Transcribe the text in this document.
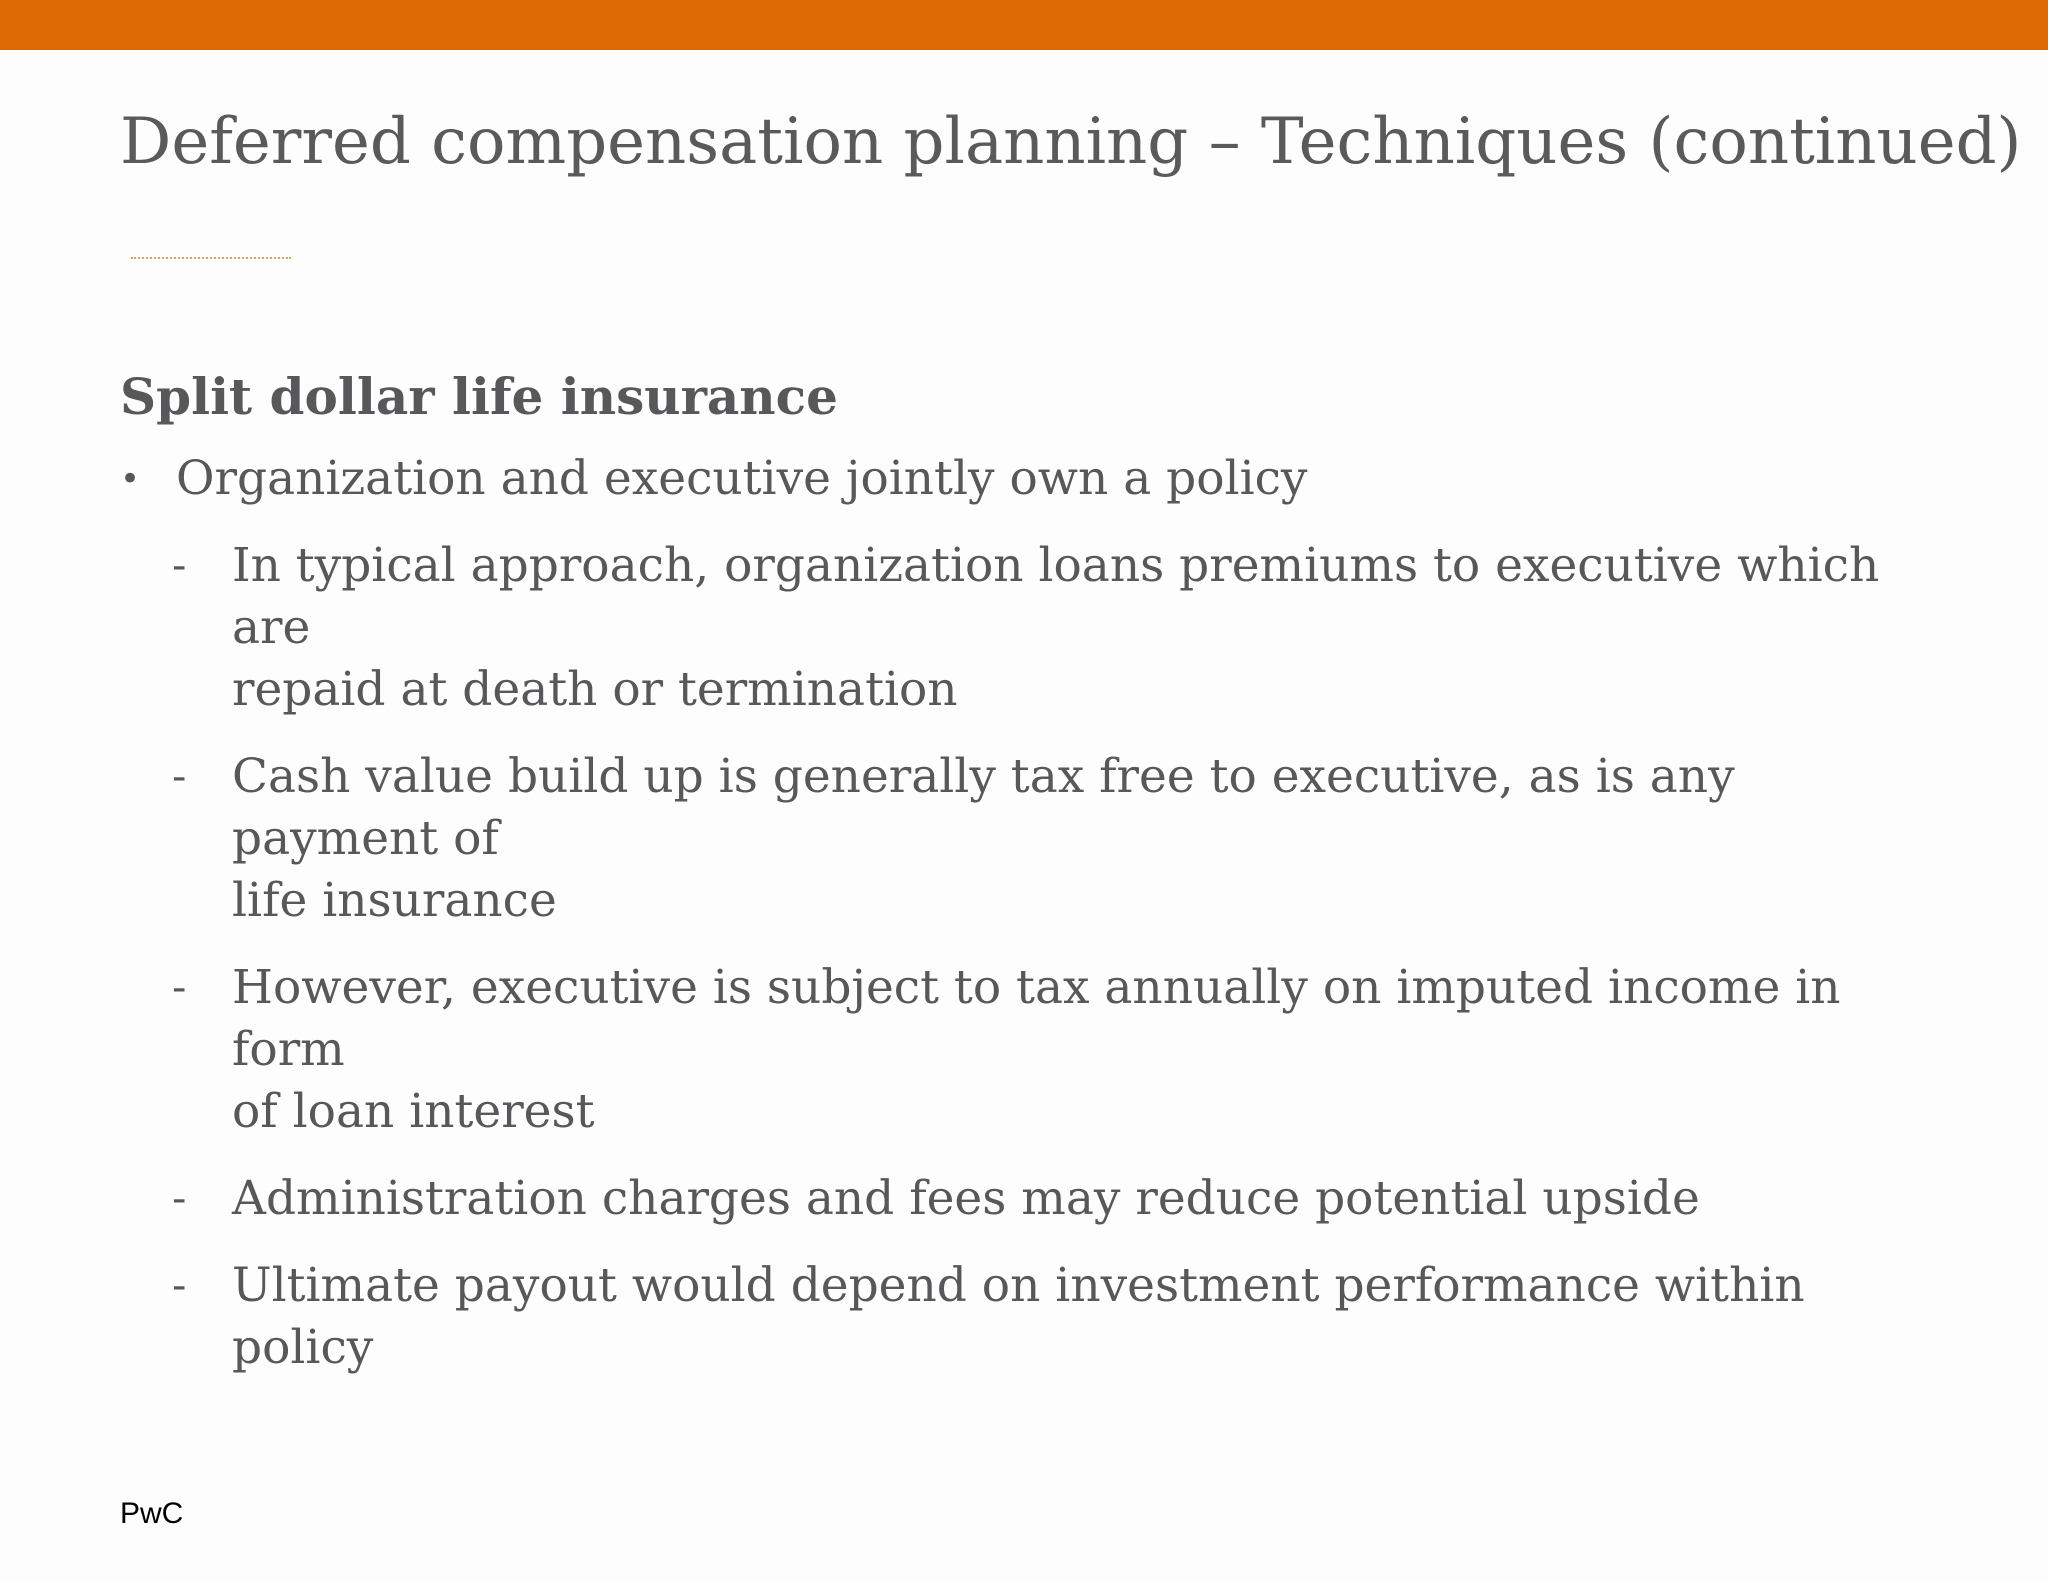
Deferred compensation planning – Techniques (continued)
Split dollar life insurance
• Organization and executive jointly own a policy
- In typical approach, organization loans premiums to executive which are
repaid at death or termination
- Cash value build up is generally tax free to executive, as is any payment of
life insurance
- However, executive is subject to tax annually on imputed income in form
of loan interest
- Administration charges and fees may reduce potential upside
- Ultimate payout would depend on investment performance within policy
PwC
